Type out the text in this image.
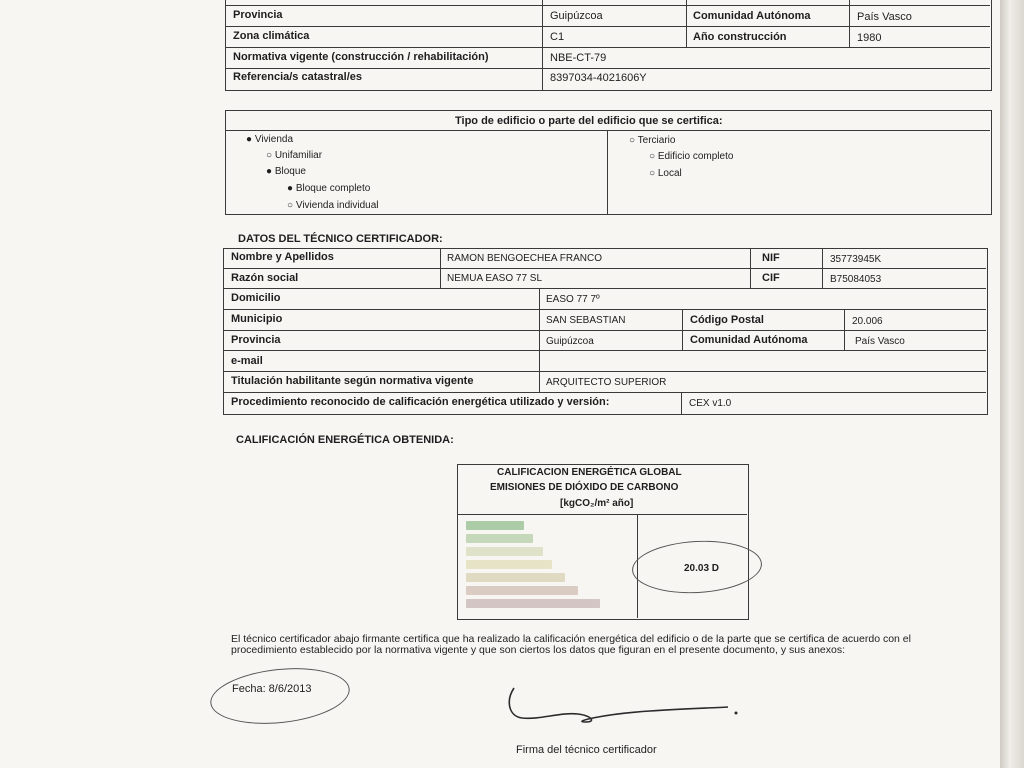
Provincia	Guipúzcoa	Comunidad Autónoma	País Vasco
Zona climática	C1	Año construcción	1980
Normativa vigente (construcción / rehabilitación)	NBE-CT-79
Referencia/s catastral/es	8397034-4021606Y
Tipo de edificio o parte del edificio que se certifica:
● Vivienda
○ Unifamiliar
● Bloque
● Bloque completo
○ Vivienda individual
○ Terciario
○ Edificio completo
○ Local
DATOS DEL TÉCNICO CERTIFICADOR:
Nombre y Apellidos	RAMON BENGOECHEA FRANCO	NIF	35773945K
Razón social	NEMUA EASO 77 SL	CIF	B75084053
Domicilio	EASO 77 7º
Municipio	SAN SEBASTIAN	Código Postal	20.006
Provincia	Guipúzcoa	Comunidad Autónoma	País Vasco
e-mail
Titulación habilitante según normativa vigente	ARQUITECTO SUPERIOR
Procedimiento reconocido de calificación energética utilizado y versión:	CEX v1.0
CALIFICACIÓN ENERGÉTICA OBTENIDA:
CALIFICACION ENERGÉTICA GLOBAL
EMISIONES DE DIÓXIDO DE CARBONO
[kgCO₂/m² año]
20.03 D
El técnico certificador abajo firmante certifica que ha realizado la calificación energética del edificio o de la parte que se certifica de acuerdo con el procedimiento establecido por la normativa vigente y que son ciertos los datos que figuran en el presente documento, y sus anexos:
Fecha: 8/6/2013
Firma del técnico certificador
